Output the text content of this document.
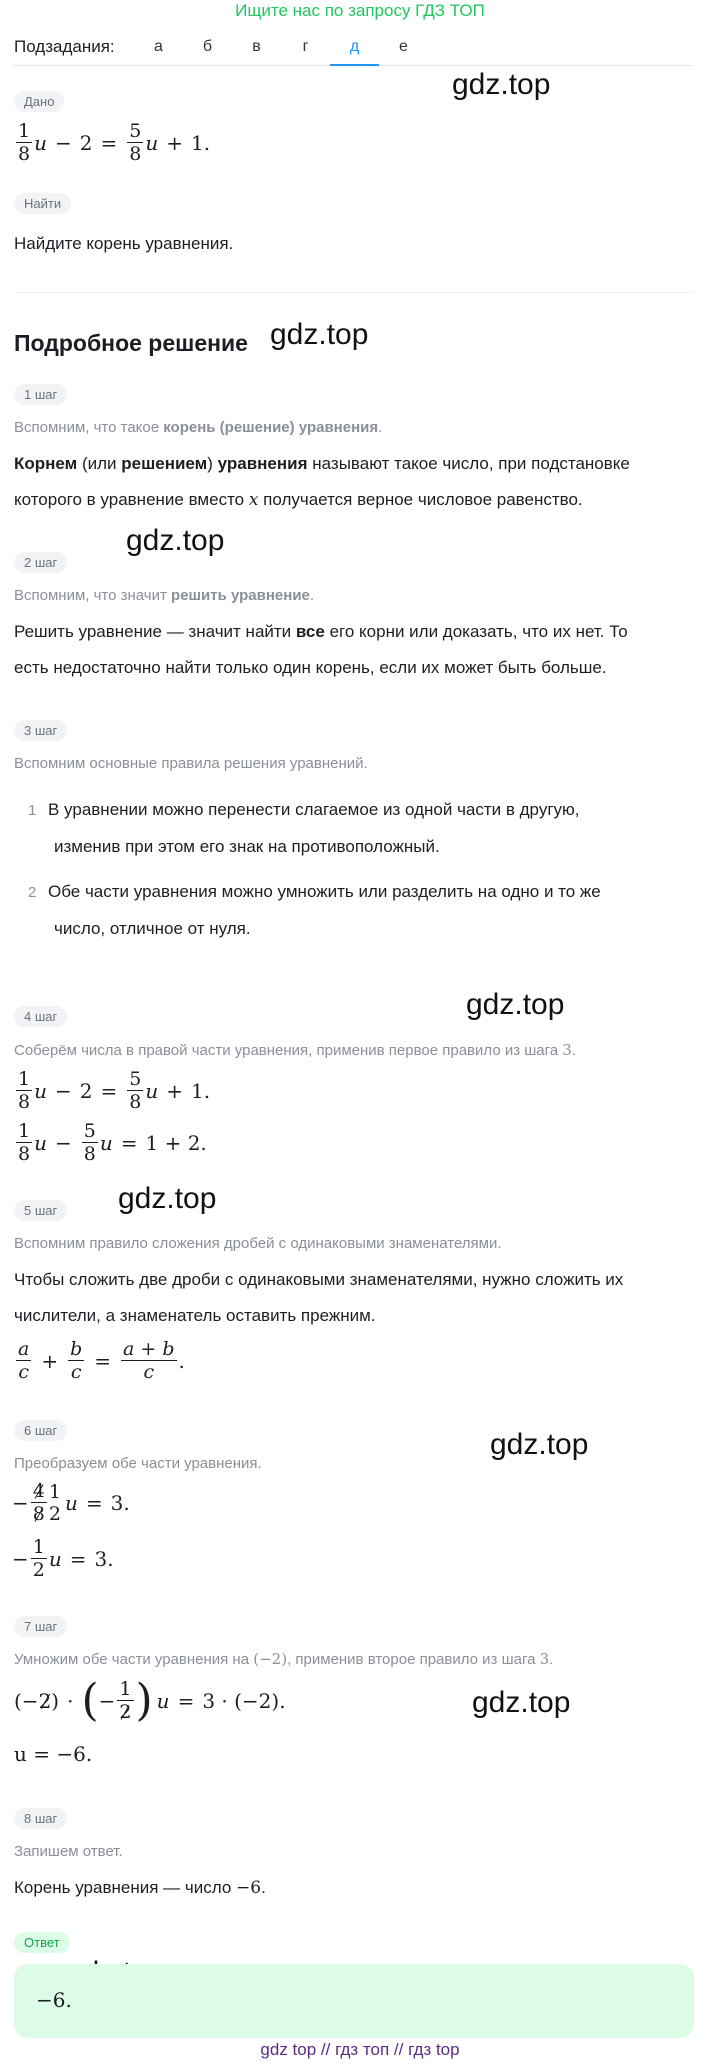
Ищите нас по запросу ГДЗ ТОП
Подзадания:	а	б	в	г	д	е
gdz.top
gdz.top
gdz.top
gdz.top
gdz.top
gdz.top
gdz.top
Дано
$\frac{1}{8}$ $u - 2 = \frac{5}{8}$ u + 1 .
Найти
Найдите корень уравнения.
Подробное решение
1 шаг
Вспомним, что такое корень (решение) уравнения.
Корнем (или решением) уравнения называют такое число, при подстановке
которого в уравнение вместо x получается верное числовое равенство.
2 шаг
Вспомним, что значит решить уравнение.
Решить уравнение — значит найти все его корни или доказать, что их нет. То
есть недостаточно найти только один корень, если их может быть больше.
3 шаг
Вспомним основные правила решения уравнений.
1 В уравнении можно перенести слагаемое из одной части в другую,
изменив при этом его знак на противоположный.
2 Обе части уравнения можно умножить или разделить на одно и то же
число, отличное от нуля.
4 шаг
Соберём числа в правой части уравнения, применив первое правило из шага 3.
$\frac{1}{8}$ $u - 2 = \frac{5}{8}$ u + 1 .
$\frac{1}{8}$ $u - \frac{5}{8}$ u = 1 + 2 .
5 шаг
Вспомним правило сложения дробей с одинаковыми знаменателями.
Чтобы сложить две дроби с одинаковыми знаменателями, нужно сложить их
числители, а знаменатель оставить прежним.
$\frac{a}{c} + \frac{b}{c} = \frac{a + b}{c}$ .
6 шаг
Преобразуем обе части уравнения.
− $\frac{4}{8} 1$
2 u = 3 .
− $\frac{1}{2}$ u = 3 .
7 шаг
Умножим обе части уравнения на (−2), применив второе правило из шага 3.
(− 2 ) · ( − $\frac{1}{2}$ ) u = 3 · (−2) .
u = −6.
8 шаг
Запишем ответ.
Корень уравнения — число −6.
Ответ
−6.
gdz top // гдз топ // гдз top
